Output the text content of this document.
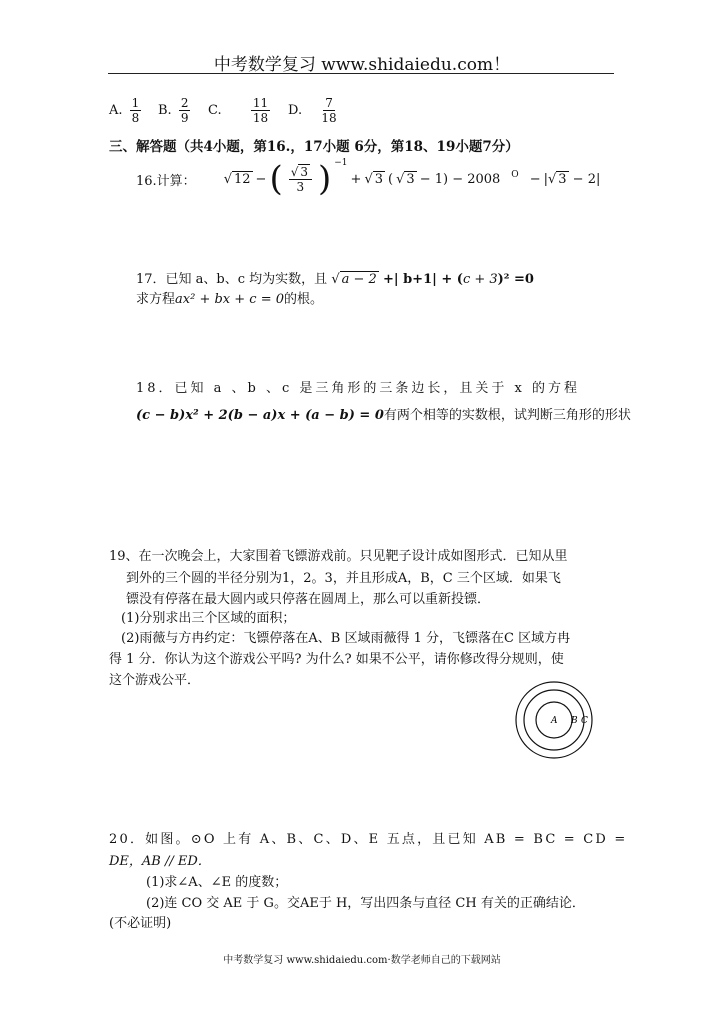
中考数学复习 www.shidaiedu.com！
A. $\frac{1}{8} B$. $\frac{2}{9} C$. $\frac{11}{18} D$. $\frac{7}{18}$
三、解答题（共4小题，第16.，17小题 6分，第18、19小题7分）
16.计算： √ 12 − ( $\frac{√ 3}{3}$ ) −1
+ √ 3 ( √ 3 − 1) − 2008 O − |√ 3 − 2|
17．已知 a、b、c 均为实数，且 √ a − 2 +| b+1| + (c + 3)² =0
求方程ax² + bx + c = 0的根。
18．已知 a 、b 、c 是三角形的三条边长，且关于 x 的方程
(c − b)x² + 2(b − a)x + (a − b) = 0有两个相等的实数根，试判断三角形的形状
19、在一次晚会上，大家围着飞镖游戏前。只见靶子设计成如图形式．已知从里
到外的三个圆的半径分别为1，2。3，并且形成A，B，C 三个区域．如果飞
镖没有停落在最大圆内或只停落在圆周上，那么可以重新投镖．
(1)分别求出三个区域的面积；
(2)雨薇与方冉约定：飞镖停落在A、B 区域雨薇得 1 分，飞镖落在C 区域方冉
得 1 分．你认为这个游戏公平吗? 为什么? 如果不公平，请你修改得分规则，使
这个游戏公平．
A B C
20．如图。⊙O 上有 A、B、C、D、E 五点，且已知 AB = BC = CD =
DE，AB // ED．
(1)求∠A、∠E 的度数；
(2)连 CO 交 AE 于 G。交AE于 H，写出四条与直径 CH 有关的正确结论．
(不必证明)
中考数学复习 www.shidaiedu.com·数学老师自己的下载网站
